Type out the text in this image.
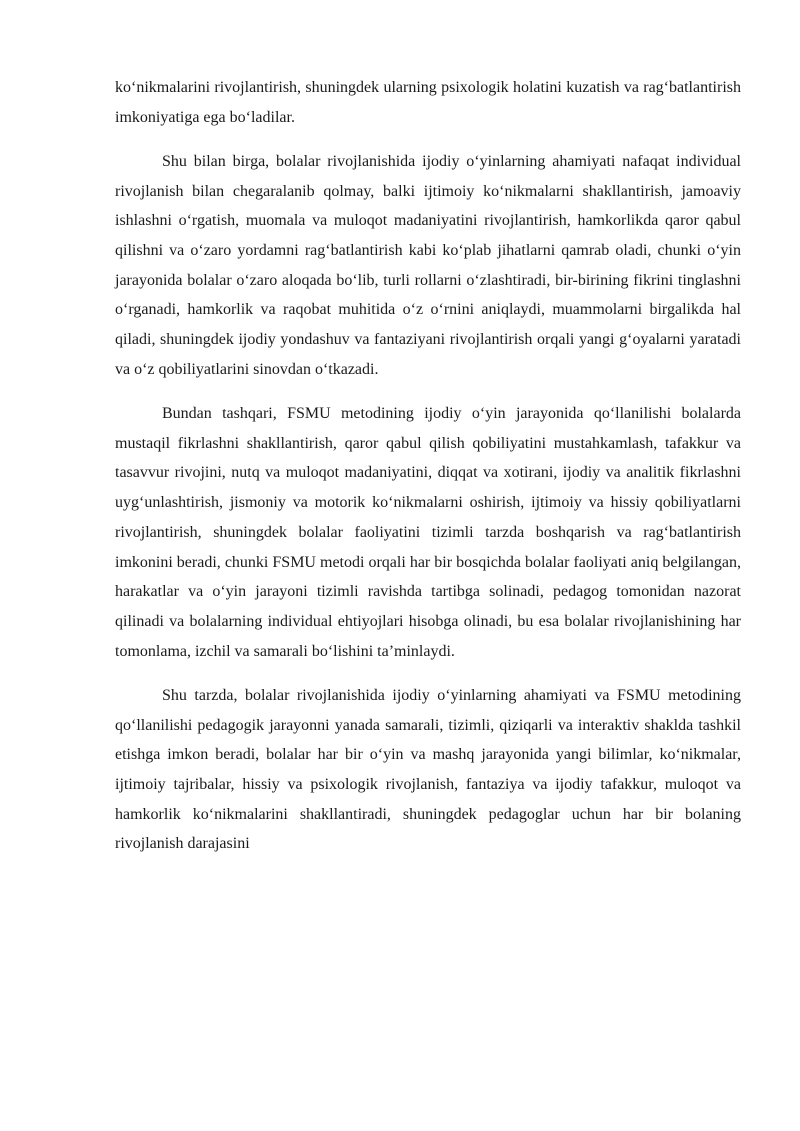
ko‘nikmalarini rivojlantirish, shuningdek ularning psixologik holatini kuzatish va rag‘batlantirish imkoniyatiga ega bo‘ladilar.

Shu bilan birga, bolalar rivojlanishida ijodiy o‘yinlarning ahamiyati nafaqat individual rivojlanish bilan chegaralanib qolmay, balki ijtimoiy ko‘nikmalarni shakllantirish, jamoaviy ishlashni o‘rgatish, muomala va muloqot madaniyatini rivojlantirish, hamkorlikda qaror qabul qilishni va o‘zaro yordamni rag‘batlantirish kabi ko‘plab jihatlarni qamrab oladi, chunki o‘yin jarayonida bolalar o‘zaro aloqada bo‘lib, turli rollarni o‘zlashtiradi, bir-birining fikrini tinglashni o‘rganadi, hamkorlik va raqobat muhitida o‘z o‘rnini aniqlaydi, muammolarni birgalikda hal qiladi, shuningdek ijodiy yondashuv va fantaziyani rivojlantirish orqali yangi g‘oyalarni yaratadi va o‘z qobiliyatlarini sinovdan o‘tkazadi.

Bundan tashqari, FSMU metodining ijodiy o‘yin jarayonida qo‘llanilishi bolalarda mustaqil fikrlashni shakllantirish, qaror qabul qilish qobiliyatini mustahkamlash, tafakkur va tasavvur rivojini, nutq va muloqot madaniyatini, diqqat va xotirani, ijodiy va analitik fikrlashni uyg‘unlashtirish, jismoniy va motorik ko‘nikmalarni oshirish, ijtimoiy va hissiy qobiliyatlarni rivojlantirish, shuningdek bolalar faoliyatini tizimli tarzda boshqarish va rag‘batlantirish imkonini beradi, chunki FSMU metodi orqali har bir bosqichda bolalar faoliyati aniq belgilangan, harakatlar va o‘yin jarayoni tizimli ravishda tartibga solinadi, pedagog tomonidan nazorat qilinadi va bolalarning individual ehtiyojlari hisobga olinadi, bu esa bolalar rivojlanishining har tomonlama, izchil va samarali bo‘lishini ta’minlaydi.

Shu tarzda, bolalar rivojlanishida ijodiy o‘yinlarning ahamiyati va FSMU metodining qo‘llanilishi pedagogik jarayonni yanada samarali, tizimli, qiziqarli va interaktiv shaklda tashkil etishga imkon beradi, bolalar har bir o‘yin va mashq jarayonida yangi bilimlar, ko‘nikmalar, ijtimoiy tajribalar, hissiy va psixologik rivojlanish, fantaziya va ijodiy tafakkur, muloqot va hamkorlik ko‘nikmalarini shakllantiradi, shuningdek pedagoglar uchun har bir bolaning rivojlanish darajasini
